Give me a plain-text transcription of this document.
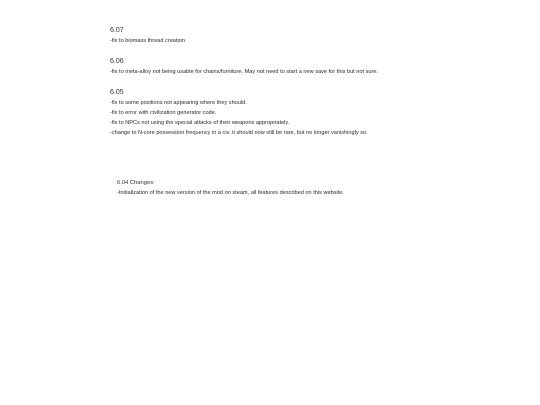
6.07
-fix to biomass thread creation
6.06
-fix to meta-alloy not being usable for chains/furniture. May not need to start a new save for this but not sure.
6.05
-fix to some positions not appearing where they should.
-fix to error with civilization generator code.
-fix to NPCs not using the special attacks of their weapons appropriately.
-change to N-core possession frequency in a civ. it should now still be rare, but no longer vanishingly so.
6.04 Changes:
-Initialization of the new version of the mod on steam, all features described on this website.
